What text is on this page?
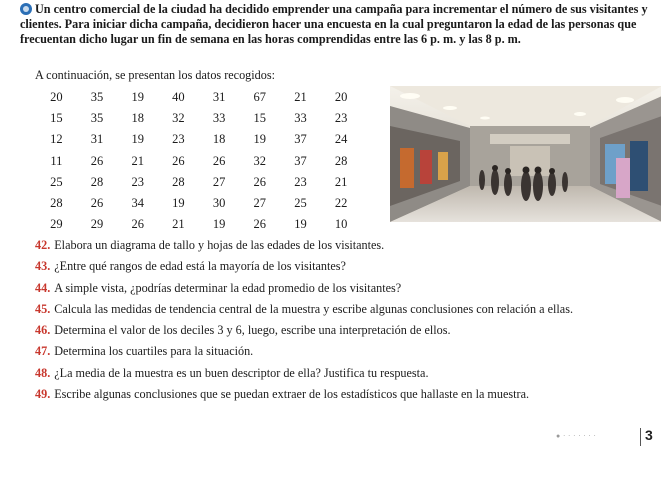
Un centro comercial de la ciudad ha decidido emprender una campaña para incrementar el número de sus visitantes y clientes. Para iniciar dicha campaña, decidieron hacer una encuesta en la cual preguntaron la edad de las personas que frecuentan dicho lugar un fin de semana en las horas comprendidas entre las 6 p. m. y las 8 p. m.
A continuación, se presentan los datos recogidos:
20	35	19	40	31	67	21	20
15	35	18	32	33	15	33	23
12	31	19	23	18	19	37	24
11	26	21	26	26	32	37	28
25	28	23	28	27	26	23	21
28	26	34	19	30	27	25	22
29	29	26	21	19	26	19	10
42. Elabora un diagrama de tallo y hojas de las edades de los visitantes.
43. ¿Entre qué rangos de edad está la mayoría de los visitantes?
44. A simple vista, ¿podrías determinar la edad promedio de los visitantes?
45. Calcula las medidas de tendencia central de la muestra y escribe algunas conclusiones con relación a ellas.
46. Determina el valor de los deciles 3 y 6, luego, escribe una interpretación de ellos.
47. Determina los cuartiles para la situación.
48. ¿La media de la muestra es un buen descriptor de ella? Justifica tu respuesta.
49. Escribe algunas conclusiones que se puedan extraer de los estadísticos que hallaste en la muestra.
● · · · · · · ·	3
